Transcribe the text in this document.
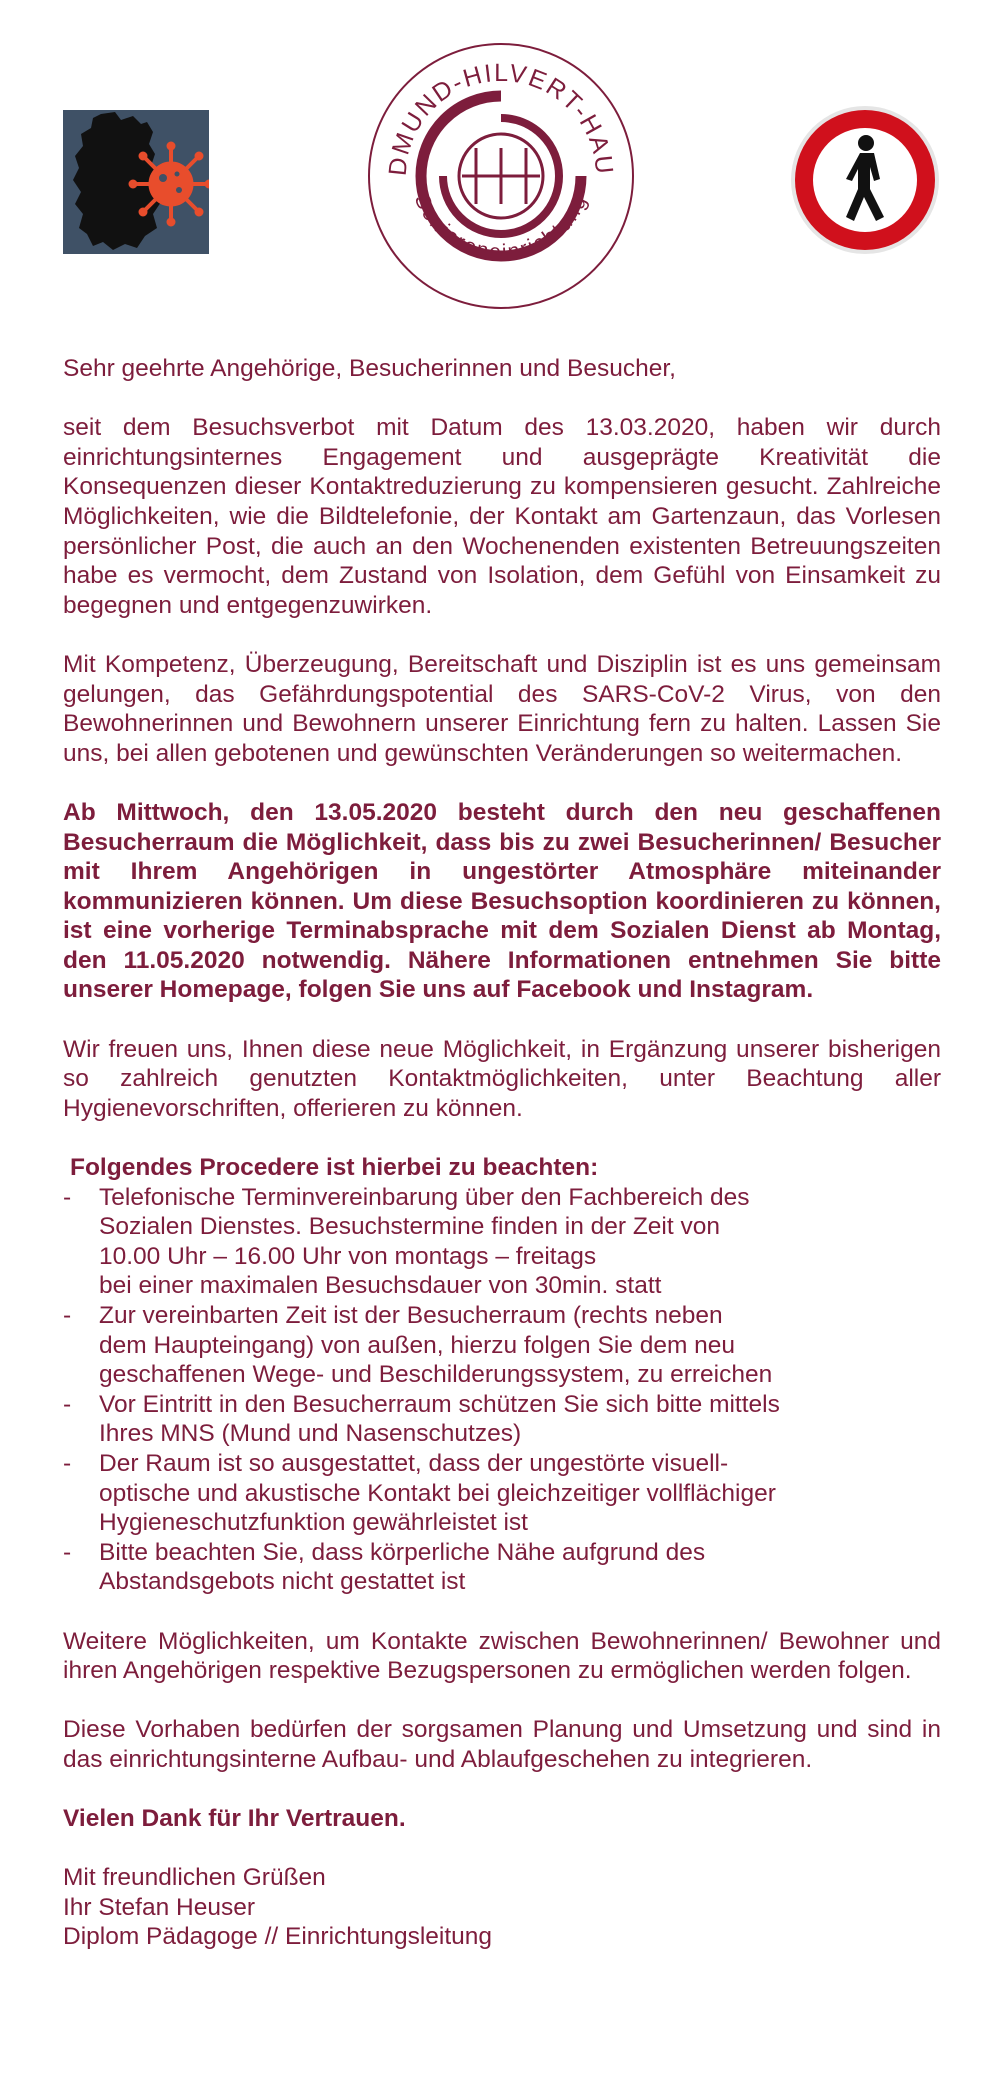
DMUND-HILVERT-HAU
Senioreneinrichtung

Sehr geehrte Angehörige, Besucherinnen und Besucher,

seit dem Besuchsverbot mit Datum des 13.03.2020, haben wir durch einrichtungsinternes Engagement und ausgeprägte Kreativität die Konsequenzen dieser Kontaktreduzierung zu kompensieren gesucht. Zahlreiche Möglichkeiten, wie die Bildtelefonie, der Kontakt am Gartenzaun, das Vorlesen persönlicher Post, die auch an den Wochenenden existenten Betreuungszeiten habe es vermocht, dem Zustand von Isolation, dem Gefühl von Einsamkeit zu begegnen und entgegenzuwirken.

Mit Kompetenz, Überzeugung, Bereitschaft und Disziplin ist es uns gemeinsam gelungen, das Gefährdungspotential des SARS-CoV-2 Virus, von den Bewohnerinnen und Bewohnern unserer Einrichtung fern zu halten. Lassen Sie uns, bei allen gebotenen und gewünschten Veränderungen so weitermachen.

Ab Mittwoch, den 13.05.2020 besteht durch den neu geschaffenen Besucherraum die Möglichkeit, dass bis zu zwei Besucherinnen/ Besucher mit Ihrem Angehörigen in ungestörter Atmosphäre miteinander kommunizieren können. Um diese Besuchsoption koordinieren zu können, ist eine vorherige Terminabsprache mit dem Sozialen Dienst ab Montag, den 11.05.2020 notwendig. Nähere Informationen entnehmen Sie bitte unserer Homepage, folgen Sie uns auf Facebook und Instagram.

Wir freuen uns, Ihnen diese neue Möglichkeit, in Ergänzung unserer bisherigen so zahlreich genutzten Kontaktmöglichkeiten, unter Beachtung aller Hygienevorschriften, offerieren zu können.

Folgendes Procedere ist hierbei zu beachten:

- Telefonische Terminvereinbarung über den Fachbereich des
Sozialen Dienstes. Besuchstermine finden in der Zeit von
10.00 Uhr – 16.00 Uhr von montags – freitags
bei einer maximalen Besuchsdauer von 30min. statt
- Zur vereinbarten Zeit ist der Besucherraum (rechts neben
dem Haupteingang) von außen, hierzu folgen Sie dem neu
geschaffenen Wege- und Beschilderungssystem, zu erreichen
- Vor Eintritt in den Besucherraum schützen Sie sich bitte mittels
Ihres MNS (Mund und Nasenschutzes)
- Der Raum ist so ausgestattet, dass der ungestörte visuell-
optische und akustische Kontakt bei gleichzeitiger vollflächiger
Hygieneschutzfunktion gewährleistet ist
- Bitte beachten Sie, dass körperliche Nähe aufgrund des
Abstandsgebots nicht gestattet ist

Weitere Möglichkeiten, um Kontakte zwischen Bewohnerinnen/ Bewohner und ihren Angehörigen respektive Bezugspersonen zu ermöglichen werden folgen.

Diese Vorhaben bedürfen der sorgsamen Planung und Umsetzung und sind in das einrichtungsinterne Aufbau- und Ablaufgeschehen zu integrieren.

Vielen Dank für Ihr Vertrauen.

Mit freundlichen Grüßen
Ihr Stefan Heuser
Diplom Pädagoge // Einrichtungsleitung
